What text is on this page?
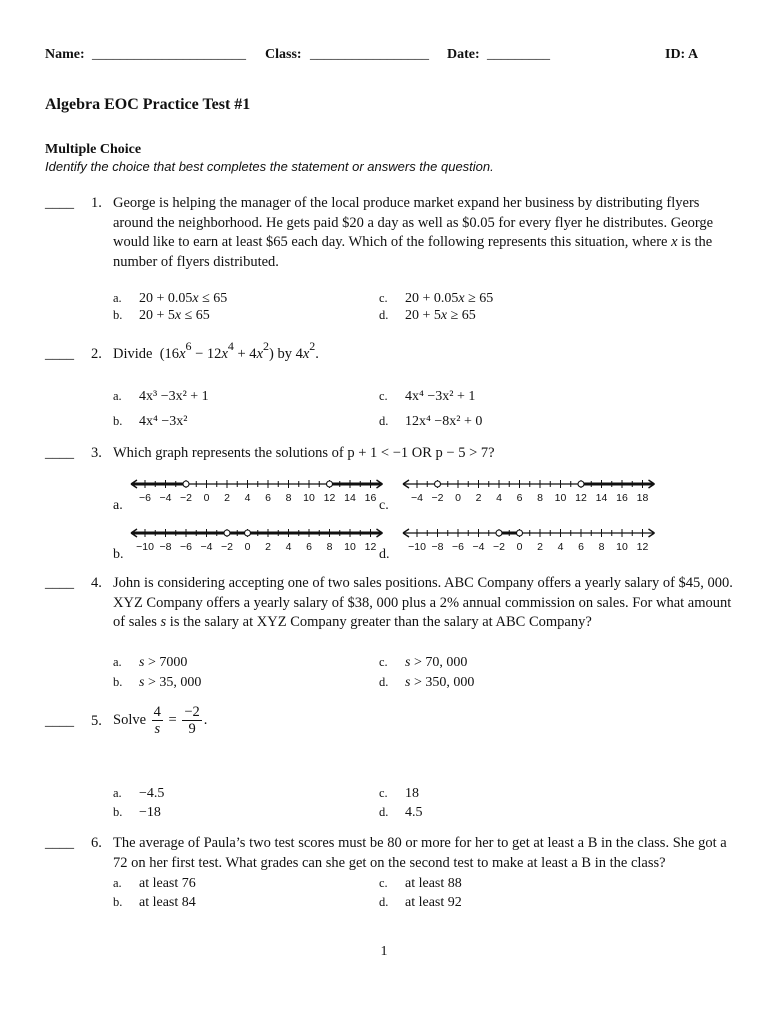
Name: ______________________ Class: _________________ Date: _________	ID: A
Algebra EOC Practice Test #1
Multiple Choice
Identify the choice that best completes the statement or answers the question.
____ 1. George is helping the manager of the local produce market expand her business by distributing flyers around the neighborhood. He gets paid $20 a day as well as $0.05 for every flyer he distributes. George would like to earn at least $65 each day. Which of the following represents this situation, where x is the number of flyers distributed.
a. 20 + 0.05x ≤ 65
b. 20 + 5x ≤ 65
c. 20 + 0.05x ≥ 65
d. 20 + 5x ≥ 65
____ 2. Divide  $(16x^6 - 12x^4 + 4x^2)$ by $4x^2$.
a. 4x³ −3x² + 1
b. 4x⁴ −3x²
c. 4x⁴ −3x² + 1
d. 12x⁴ −8x² + 0
____ 3. Which graph represents the solutions of p + 1 < −1 OR p − 5 > 7?
a.
b.
c.
d.
−6 −4 −2 0 2 4 6 8 10 12 14 16
−10 −8 −6 −4 −2 0 2 4 6 8 10 12
−4 −2 0 2 4 6 8 10 12 14 16 18
−10 −8 −6 −4 −2 0 2 4 6 8 10 12
____ 4. John is considering accepting one of two sales positions. ABC Company offers a yearly salary of $45, 000. XYZ Company offers a yearly salary of $38, 000 plus a 2% annual commission on sales. For what amount of sales s is the salary at XYZ Company greater than the salary at ABC Company?
a. s > 7000
b. s > 35, 000
c. s > 70, 000
d. s > 350, 000
____ 5. Solve $\frac{4}{s} = \frac{-2}{9}$ .
a. −4.5
b. −18
c. 18
d. 4.5
____ 6. The average of Paula’s two test scores must be 80 or more for her to get at least a B in the class. She got a 72 on her first test. What grades can she get on the second test to make at least a B in the class?
a. at least 76
b. at least 84
c. at least 88
d. at least 92
1
